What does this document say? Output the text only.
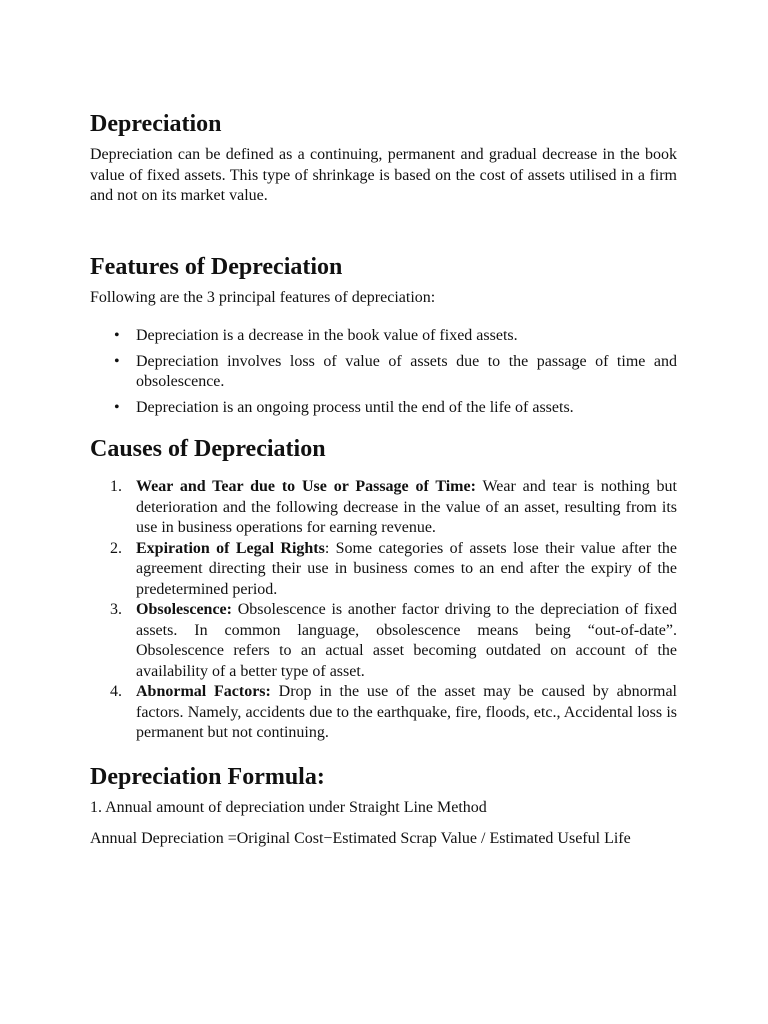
Depreciation

Depreciation can be defined as a continuing, permanent and gradual decrease in the book value of fixed assets. This type of shrinkage is based on the cost of assets utilised in a firm and not on its market value.

Features of Depreciation

Following are the 3 principal features of depreciation:

• Depreciation is a decrease in the book value of fixed assets.
• Depreciation involves loss of value of assets due to the passage of time and obsolescence.
• Depreciation is an ongoing process until the end of the life of assets.
Causes of Depreciation
1. Wear and Tear due to Use or Passage of Time: Wear and tear is nothing but deterioration and the following decrease in the value of an asset, resulting from its use in business operations for earning revenue.
2. Expiration of Legal Rights: Some categories of assets lose their value after the agreement directing their use in business comes to an end after the expiry of the predetermined period.
3. Obsolescence: Obsolescence is another factor driving to the depreciation of fixed assets. In common language, obsolescence means being “out-of-date”. Obsolescence refers to an actual asset becoming outdated on account of the availability of a better type of asset.
4. Abnormal Factors: Drop in the use of the asset may be caused by abnormal factors. Namely, accidents due to the earthquake, fire, floods, etc., Accidental loss is permanent but not continuing.
Depreciation Formula:

1. Annual amount of depreciation under Straight Line Method

Annual Depreciation =Original Cost−Estimated Scrap Value / Estimated Useful Life
